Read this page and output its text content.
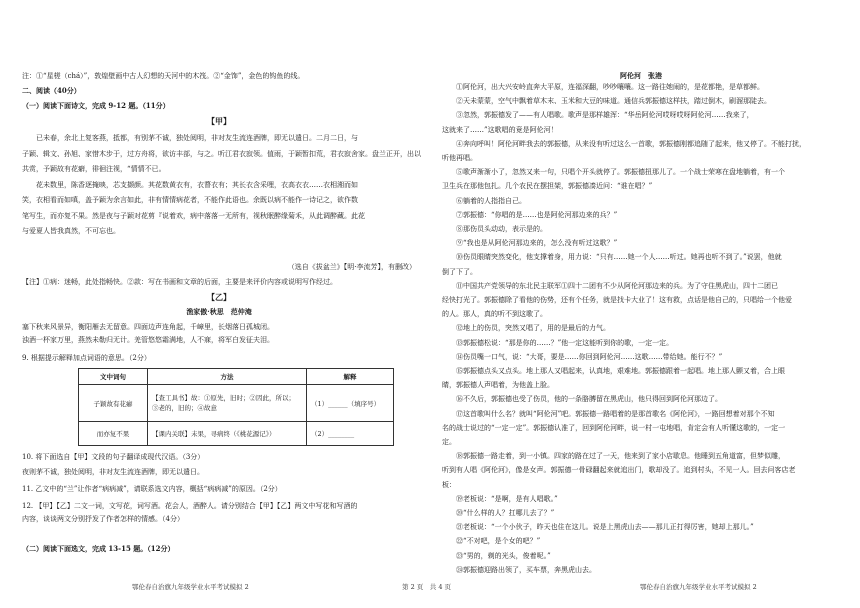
注：①“星槎（chá）”，敦煌壁画中古人幻想的天河中的木筏。②“金饰”，金色的钩鱼的线。
二、阅读（40分）
（一）阅读下面诗文，完成 9-12 题。（11分）
【甲】
已未春，余北上复客燕，抵都，有别茅不诚，独处阅明，非对友生流连酒牌，即无以遣日。二月二日，与
子颖、辑文、孙旭、家惜木步于，过方舟将，欲访丰部，与之。听江君衣寂领。值雨，于颖暂扣荒，君衣寂舍家。盘兰正开，出以
共赏，予颖故有花癖，徘徊注视，“情情不已。
花未数里，陈香逐掩映，芯支撷颜。其花数黄衣有，衣瞀衣有；其长衣含采哩，衣高衣衣……衣相湘而如
笑，衣相看而如嗔，盖予颖为余言如此，非有情情病花者，不能作此语也。余既以病不能作一诗记之，欲作数
笔写生，而亦复不果。然是夜与子颖对花剪『说着欢，病中落落一无所有，视秋眠醉缘菊禾，从此调醉藏。此花
与爱夏人皆我真然，不可忘也。
（选自《拔盆兰》【明·李流芳】，有删改）
【注】①病：迷畅，此处指畅快。②款：写在书画和文章的后面，主要是来评价内容或说明写作经过。
【乙】
渔家傲·秋思　范仲淹
塞下秋来风景异，衡阳雁去无留意。四面边声连角起，千嶂里，长烟落日孤城闭。
浊酒一杯家万里，燕然未勒归无计。羌管悠悠霜满地，人不寐，将军白发征夫泪。
9. 根据提示解释加点词语的意思。（2分）
文中词句	方法	解释
子颖故有花癖	【查工具书】故：①原先，旧时；②因此，所以；
③老的，旧的；④故意	（1）______（填序号）
而亦复不果	【课内关联】未果，寻病终（《桃花源记》）	（2）________
10. 将下面选自【甲】文段的句子翻译成现代汉语。（3分）
夜则茅不诚，独处阅明，非对友生流连酒牌，即无以遣日。
11. 乙文中的“兰”让作者“病病减”，请联系选文内容，概括“病病减”的原因。（2分）
12. 【甲】【乙】二文一词，文写花，词写酒。花会人，酒醉人。请分别结合【甲】【乙】两文中写花和写酒的
内容，谈谈两文分别抒发了作者怎样的情感。（4分）
（二）阅读下面选文，完成 13-15 题。（12分）
鄂伦春自治旗九年级学业水平考试模拟 2
阿伦河　张港
①阿伦河，出大兴安岭直奔大平原，连福深翻，吵吵嚷嚷。这一路往她闹的，是花都艳，是草都鲜。
②天未蒙蒙，空气中飘着草木末、玉米和大豆的味道。通信兵郭振德这样扶，踏过倒木，刷溜那陡去。
③忽然，郭振德发了——有人唱歌。歌声是那样雄浑：“华岳阿伦河哎呀哎呀阿伦河……我来了，
这就来了……”这歌唱的竟是阿伦河！
④奔向呼叫！阿伦河畔我去的郭振德，从来没有听过这么一首歌，郭振德刚都追随了起来，他又停了。不能打扰，
听他再唱。
⑤歌声渐渐小了，忽然又来一句，只唱个开头就停了。郭振德扭那儿了。一个战士荣寒在盘地躺着，有一个
卫生兵在那他包扎。几个农民在摆担架，郭振德凑近问：“谁在唱？”
⑥躺着的人指指自己。
⑦郭振德：“你唱的是……也是阿伦河那边来的兵？”
⑧那伤员头动动，表示是的。
⑨“我也是从阿伦河那边来的，怎么没有听过这歌？”
⑩伤员眼睛突然变化，他支撑着身，用力说：“只有……她一个人……听过。她再也听不到了。”说罢，他就
倒了下了。
⑪中国共产党领导的东北民主联军①四十二团有不少从阿伦河那边来的兵。为了守住黑虎山，四十二团已
经快打光了。郭振德除了看他的伤势，还有个任务，就是找卡大业了！这有救，点话是他自己的，只唱给一个他爱
的人。那人，真的听不到这歌了。
⑫地上的伤员，突然又唱了，用的是最后的力气。
⑬郭振德松说：“那是你的……？”他一定这能听到你的歌，一定一定。
⑭伤员嘴一口气，说：“大哥，要是……你回到阿伦河……这歌……带给她。能行不？”
⑮郭振德点头又点头。地上那人又唱起来，认真地，艰难地。郭振德跟着一起唱。地上那人颤又着，合上眼
睛，郭振德人声唱着，为他盖上脸。
⑯不久后，郭振德也受了伤员，他的一条胳膊留在黑虎山，他只得回到阿伦河那边了。
⑰这首歌叫什么名？就叫“阿伦河”吧。郭振德一路唱着的是那首歌名《阿伦河》，一路回想着对那个不知
名的战士说过的“一定一定”。郭振德认准了，回到阿伦河畔，说一村一屯地唱，肯定会有人听懂这歌的，一定一
定。
⑱郭振德一路走着，到一小镇。四家的路在过了一天，他来到了家小店歇息。他睡到五角道富，但梦似雕，
听到有人唱《阿伦河》，像是女声。郭振德一骨碌翻起来就追出门，歌却没了。追到村头，不见一人。回去问客店老
板：
⑲老板说：“是啊，是有人唱歌。”
⑳“什么样的人？扛哪儿去了？”
㉑老板说：“一个小伙子，昨天也住在这儿。说是上黑虎山去——那儿正打得厉害，她却上那儿。”
㉒“不对吧，是个女的吧？”
㉓“男的，剃的光头，俊着呢。”
㉔郭振德迎路出领了，买车票，奔黑虎山去。
第 2 页　共 4 页	鄂伦春自治旗九年级学业水平考试模拟 2
